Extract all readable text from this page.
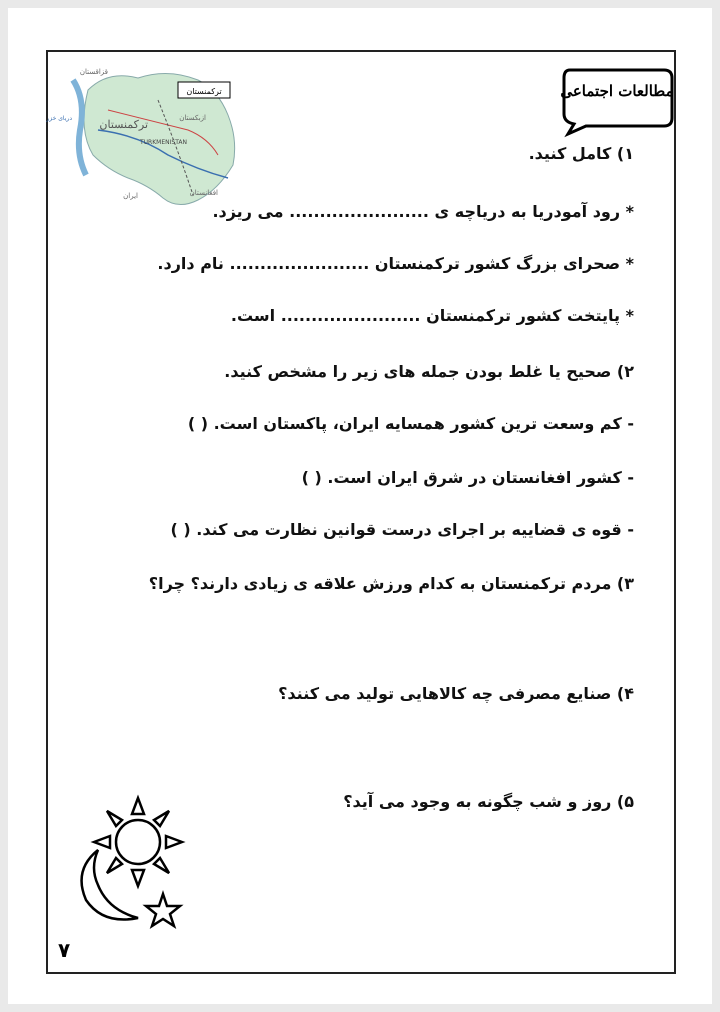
مطالعات اجتماعی
ترکمنستان
قزاقستان
ترکمنستان
TURKMENISTAN
ازبکستان
افغانستان
ایران
دریای خزر
۱) کامل کنید.
* رود آمودریا به دریاچه ی ....................... می ریزد.
* صحرای بزرگ کشور ترکمنستان ....................... نام دارد.
* پایتخت کشور ترکمنستان ....................... است.
۲) صحیح یا غلط بودن جمله های زیر را مشخص کنید.
- کم وسعت ترین کشور همسایه ایران، پاکستان است. ( )
- کشور افغانستان در شرق ایران است. ( )
- قوه ی قضاییه بر اجرای درست قوانین نظارت می کند. ( )
۳) مردم ترکمنستان به کدام ورزش علاقه ی زیادی دارند؟ چرا؟
۴) صنایع مصرفی چه کالاهایی تولید می کنند؟
۵) روز و شب چگونه به وجود می آید؟
۷
